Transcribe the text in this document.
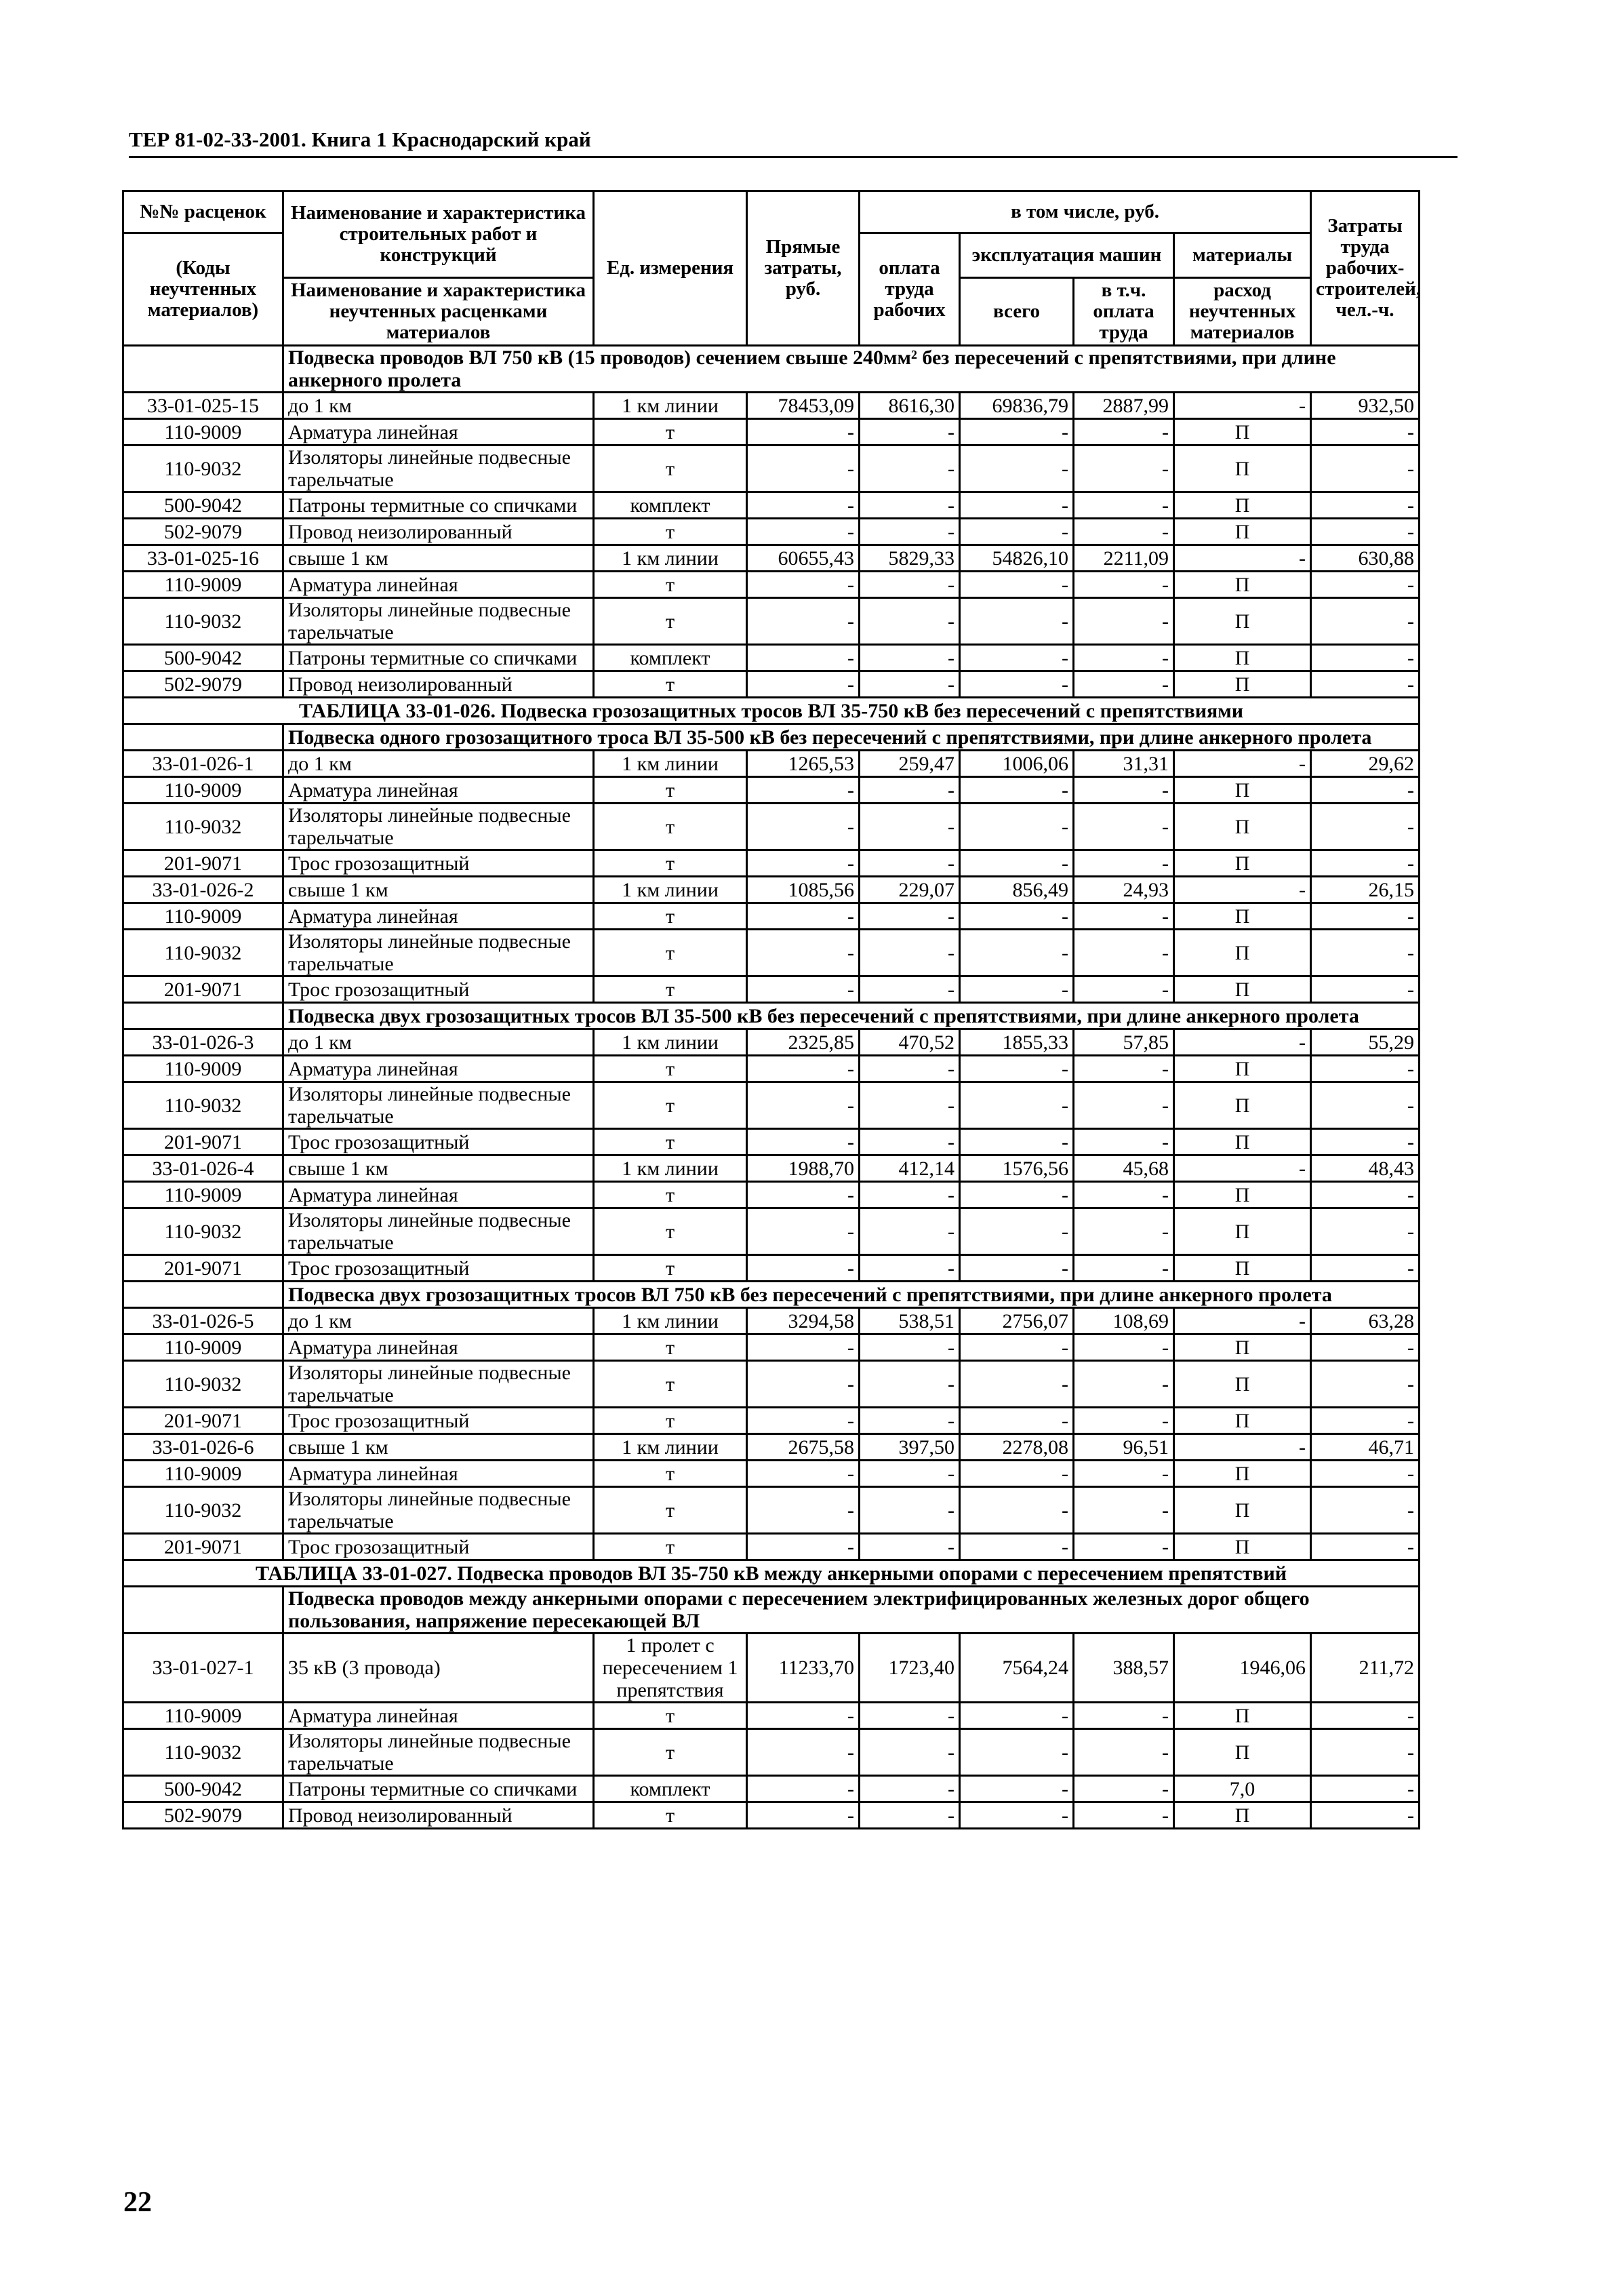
ТЕР 81-02-33-2001. Книга 1 Краснодарский край
№№ расценок	Наименование и характеристика строительных работ и конструкций	Ед. измерения	Прямые затраты, руб.	в том числе, руб.				Затраты труда рабочих-строителей, чел.-ч.
(Коды неучтенных материалов)				оплата труда рабочих	эксплуатация машин		материалы	
	Наименование и характеристика неучтенных расценками материалов				всего	в т.ч. оплата труда	расход неучтенных материалов	

	Подвеска проводов ВЛ 750 кВ (15 проводов) сечением свыше 240мм² без пересечений с препятствиями, при длине анкерного пролета							
33-01-025-15	до 1 км	1 км линии	78453,09	8616,30	69836,79	2887,99	-	932,50
110-9009	Арматура линейная	т	-	-	-	-	П	-
110-9032	Изоляторы линейные подвесные тарельчатые	т	-	-	-	-	П	-
500-9042	Патроны термитные со спичками	комплект	-	-	-	-	П	-
502-9079	Провод неизолированный	т	-	-	-	-	П	-
33-01-025-16	свыше 1 км	1 км линии	60655,43	5829,33	54826,10	2211,09	-	630,88
110-9009	Арматура линейная	т	-	-	-	-	П	-
110-9032	Изоляторы линейные подвесные тарельчатые	т	-	-	-	-	П	-
500-9042	Патроны термитные со спичками	комплект	-	-	-	-	П	-
502-9079	Провод неизолированный	т	-	-	-	-	П	-
ТАБЛИЦА 33-01-026. Подвеска грозозащитных тросов ВЛ 35-750 кВ без пересечений с препятствиями								
	Подвеска одного грозозащитного троса ВЛ 35-500 кВ без пересечений с препятствиями, при длине анкерного пролета							
33-01-026-1	до 1 км	1 км линии	1265,53	259,47	1006,06	31,31	-	29,62
110-9009	Арматура линейная	т	-	-	-	-	П	-
110-9032	Изоляторы линейные подвесные тарельчатые	т	-	-	-	-	П	-
201-9071	Трос грозозащитный	т	-	-	-	-	П	-
33-01-026-2	свыше 1 км	1 км линии	1085,56	229,07	856,49	24,93	-	26,15
110-9009	Арматура линейная	т	-	-	-	-	П	-
110-9032	Изоляторы линейные подвесные тарельчатые	т	-	-	-	-	П	-
201-9071	Трос грозозащитный	т	-	-	-	-	П	-
	Подвеска двух грозозащитных тросов ВЛ 35-500 кВ без пересечений с препятствиями, при длине анкерного пролета							
33-01-026-3	до 1 км	1 км линии	2325,85	470,52	1855,33	57,85	-	55,29
110-9009	Арматура линейная	т	-	-	-	-	П	-
110-9032	Изоляторы линейные подвесные тарельчатые	т	-	-	-	-	П	-
201-9071	Трос грозозащитный	т	-	-	-	-	П	-
33-01-026-4	свыше 1 км	1 км линии	1988,70	412,14	1576,56	45,68	-	48,43
110-9009	Арматура линейная	т	-	-	-	-	П	-
110-9032	Изоляторы линейные подвесные тарельчатые	т	-	-	-	-	П	-
201-9071	Трос грозозащитный	т	-	-	-	-	П	-
	Подвеска двух грозозащитных тросов ВЛ 750 кВ без пересечений с препятствиями, при длине анкерного пролета							
33-01-026-5	до 1 км	1 км линии	3294,58	538,51	2756,07	108,69	-	63,28
110-9009	Арматура линейная	т	-	-	-	-	П	-
110-9032	Изоляторы линейные подвесные тарельчатые	т	-	-	-	-	П	-
201-9071	Трос грозозащитный	т	-	-	-	-	П	-
33-01-026-6	свыше 1 км	1 км линии	2675,58	397,50	2278,08	96,51	-	46,71
110-9009	Арматура линейная	т	-	-	-	-	П	-
110-9032	Изоляторы линейные подвесные тарельчатые	т	-	-	-	-	П	-
201-9071	Трос грозозащитный	т	-	-	-	-	П	-
ТАБЛИЦА 33-01-027. Подвеска проводов ВЛ 35-750 кВ между анкерными опорами с пересечением препятствий								
	Подвеска проводов между анкерными опорами с пересечением электрифицированных железных дорог общего пользования, напряжение пересекающей ВЛ							
33-01-027-1	35 кВ (3 провода)	1 пролет с пересечением 1 препятствия	11233,70	1723,40	7564,24	388,57	1946,06	211,72
110-9009	Арматура линейная	т	-	-	-	-	П	-
110-9032	Изоляторы линейные подвесные тарельчатые	т	-	-	-	-	П	-
500-9042	Патроны термитные со спичками	комплект	-	-	-	-	7,0	-
502-9079	Провод неизолированный	т	-	-	-	-	П	-
22
